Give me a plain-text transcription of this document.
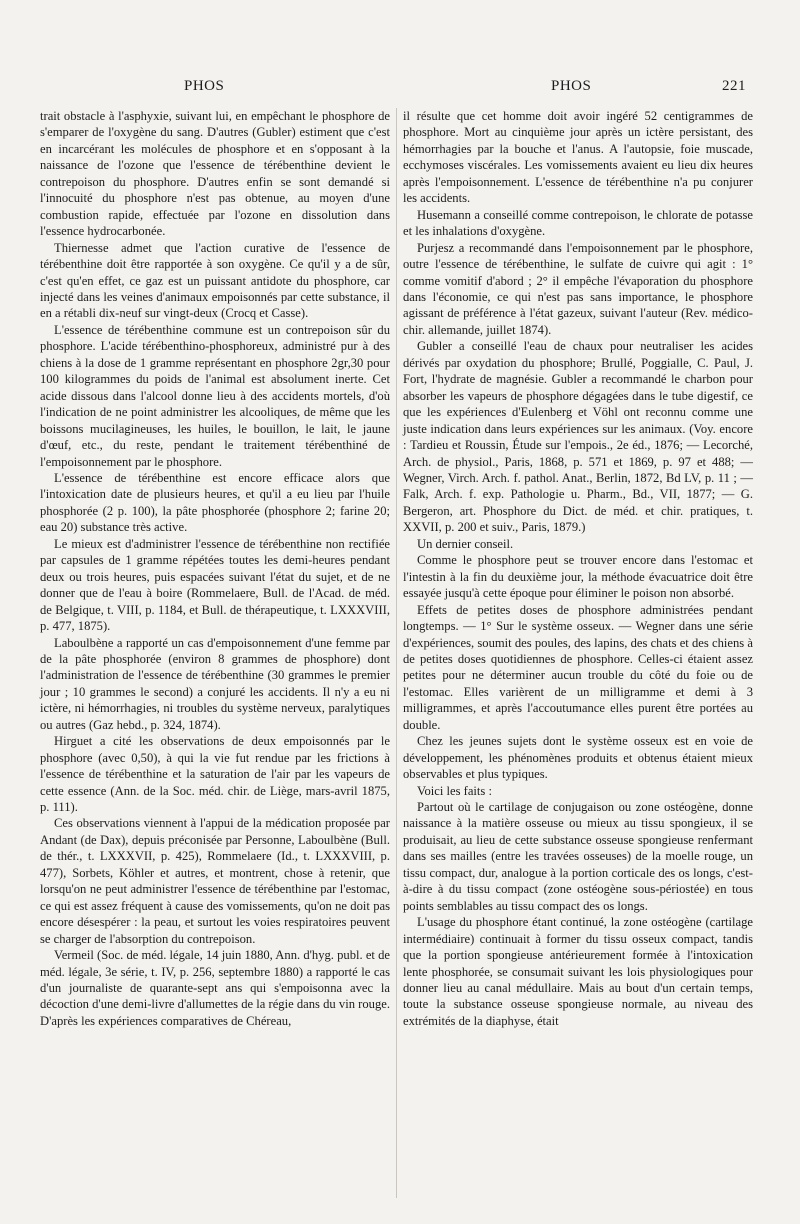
PHOS	PHOS	221

trait obstacle à l'asphyxie, suivant lui, en empêchant le phosphore de s'emparer de l'oxygène du sang. D'autres (Gubler) estiment que c'est en incarcérant les molécules de phosphore et en s'opposant à la naissance de l'ozone que l'essence de térébenthine devient le contrepoison du phosphore. D'autres enfin se sont demandé si l'innocuité du phosphore n'est pas obtenue, au moyen d'une combustion rapide, effectuée par l'ozone en dissolution dans l'essence hydrocarbonée.

Thiernesse admet que l'action curative de l'essence de térébenthine doit être rapportée à son oxygène. Ce qu'il y a de sûr, c'est qu'en effet, ce gaz est un puissant antidote du phosphore, car injecté dans les veines d'animaux empoisonnés par cette substance, il en a rétabli dix-neuf sur vingt-deux (Crocq et Casse).

L'essence de térébenthine commune est un contrepoison sûr du phosphore. L'acide térébenthino-phosphoreux, administré pur à des chiens à la dose de 1 gramme représentant en phosphore 2gr,30 pour 100 kilogrammes du poids de l'animal est absolument inerte. Cet acide dissous dans l'alcool donne lieu à des accidents mortels, d'où l'indication de ne point administrer les alcooliques, de même que les boissons mucilagineuses, les huiles, le bouillon, le lait, le jaune d'œuf, etc., du reste, pendant le traitement térébenthiné de l'empoisonnement par le phosphore.

L'essence de térébenthine est encore efficace alors que l'intoxication date de plusieurs heures, et qu'il a eu lieu par l'huile phosphorée (2 p. 100), la pâte phosphorée (phosphore 2; farine 20; eau 20) substance très active.

Le mieux est d'administrer l'essence de térébenthine non rectifiée par capsules de 1 gramme répétées toutes les demi-heures pendant deux ou trois heures, puis espacées suivant l'état du sujet, et de ne donner que de l'eau à boire (Rommelaere, Bull. de l'Acad. de méd. de Belgique, t. VIII, p. 1184, et Bull. de thérapeutique, t. LXXXVIII, p. 477, 1875).

Laboulbène a rapporté un cas d'empoisonnement d'une femme par de la pâte phosphorée (environ 8 grammes de phosphore) dont l'administration de l'essence de térébenthine (30 grammes le premier jour ; 10 grammes le second) a conjuré les accidents. Il n'y a eu ni ictère, ni hémorrhagies, ni troubles du système nerveux, paralytiques ou autres (Gaz hebd., p. 324, 1874).

Hirguet a cité les observations de deux empoisonnés par le phosphore (avec 0,50), à qui la vie fut rendue par les frictions à l'essence de térébenthine et la saturation de l'air par les vapeurs de cette essence (Ann. de la Soc. méd. chir. de Liège, mars-avril 1875, p. 111).

Ces observations viennent à l'appui de la médication proposée par Andant (de Dax), depuis préconisée par Personne, Laboulbène (Bull. de thér., t. LXXXVII, p. 425), Rommelaere (Id., t. LXXXVIII, p. 477), Sorbets, Köhler et autres, et montrent, chose à retenir, que lorsqu'on ne peut administrer l'essence de térébenthine par l'estomac, ce qui est assez fréquent à cause des vomissements, qu'on ne doit pas encore désespérer : la peau, et surtout les voies respiratoires peuvent se charger de l'absorption du contrepoison.

Vermeil (Soc. de méd. légale, 14 juin 1880, Ann. d'hyg. publ. et de méd. légale, 3e série, t. IV, p. 256, septembre 1880) a rapporté le cas d'un journaliste de quarante-sept ans qui s'empoisonna avec la décoction d'une demi-livre d'allumettes de la régie dans du vin rouge. D'après les expériences comparatives de Chéreau,

il résulte que cet homme doit avoir ingéré 52 centigrammes de phosphore. Mort au cinquième jour après un ictère persistant, des hémorrhagies par la bouche et l'anus. A l'autopsie, foie muscade, ecchymoses viscérales. Les vomissements avaient eu lieu dix heures après l'empoisonnement. L'essence de térébenthine n'a pu conjurer les accidents.

Husemann a conseillé comme contrepoison, le chlorate de potasse et les inhalations d'oxygène.

Purjesz a recommandé dans l'empoisonnement par le phosphore, outre l'essence de térébenthine, le sulfate de cuivre qui agit : 1° comme vomitif d'abord ; 2° il empêche l'évaporation du phosphore dans l'économie, ce qui n'est pas sans importance, le phosphore agissant de préférence à l'état gazeux, suivant l'auteur (Rev. médico-chir. allemande, juillet 1874).

Gubler a conseillé l'eau de chaux pour neutraliser les acides dérivés par oxydation du phosphore; Brullé, Poggialle, C. Paul, J. Fort, l'hydrate de magnésie. Gubler a recommandé le charbon pour absorber les vapeurs de phosphore dégagées dans le tube digestif, ce que les expériences d'Eulenberg et Vöhl ont reconnu comme une juste indication dans leurs expériences sur les animaux. (Voy. encore : Tardieu et Roussin, Étude sur l'empois., 2e éd., 1876; — Lecorché, Arch. de physiol., Paris, 1868, p. 571 et 1869, p. 97 et 488; — Wegner, Virch. Arch. f. pathol. Anat., Berlin, 1872, Bd LV, p. 11 ; — Falk, Arch. f. exp. Pathologie u. Pharm., Bd., VII, 1877; — G. Bergeron, art. Phosphore du Dict. de méd. et chir. pratiques, t. XXVII, p. 200 et suiv., Paris, 1879.)

Un dernier conseil.

Comme le phosphore peut se trouver encore dans l'estomac et l'intestin à la fin du deuxième jour, la méthode évacuatrice doit être essayée jusqu'à cette époque pour éliminer le poison non absorbé.

Effets de petites doses de phosphore administrées pendant longtemps. — 1° Sur le système osseux. — Wegner dans une série d'expériences, soumit des poules, des lapins, des chats et des chiens à de petites doses quotidiennes de phosphore. Celles-ci étaient assez petites pour ne déterminer aucun trouble du côté du foie ou de l'estomac. Elles varièrent de un milligramme et demi à 3 milligrammes, et après l'accoutumance elles purent être portées au double.

Chez les jeunes sujets dont le système osseux est en voie de développement, les phénomènes produits et obtenus étaient mieux observables et plus typiques.

Voici les faits :

Partout où le cartilage de conjugaison ou zone ostéogène, donne naissance à la matière osseuse ou mieux au tissu spongieux, il se produisait, au lieu de cette substance osseuse spongieuse renfermant dans ses mailles (entre les travées osseuses) de la moelle rouge, un tissu compact, dur, analogue à la portion corticale des os longs, c'est-à-dire à du tissu compact (zone ostéogène sous-périostée) en tous points semblables au tissu compact des os longs.

L'usage du phosphore étant continué, la zone ostéogène (cartilage intermédiaire) continuait à former du tissu osseux compact, tandis que la portion spongieuse antérieurement formée à l'intoxication lente phosphorée, se consumait suivant les lois physiologiques pour donner lieu au canal médullaire. Mais au bout d'un certain temps, toute la substance osseuse spongieuse normale, au niveau des extrémités de la diaphyse, était
